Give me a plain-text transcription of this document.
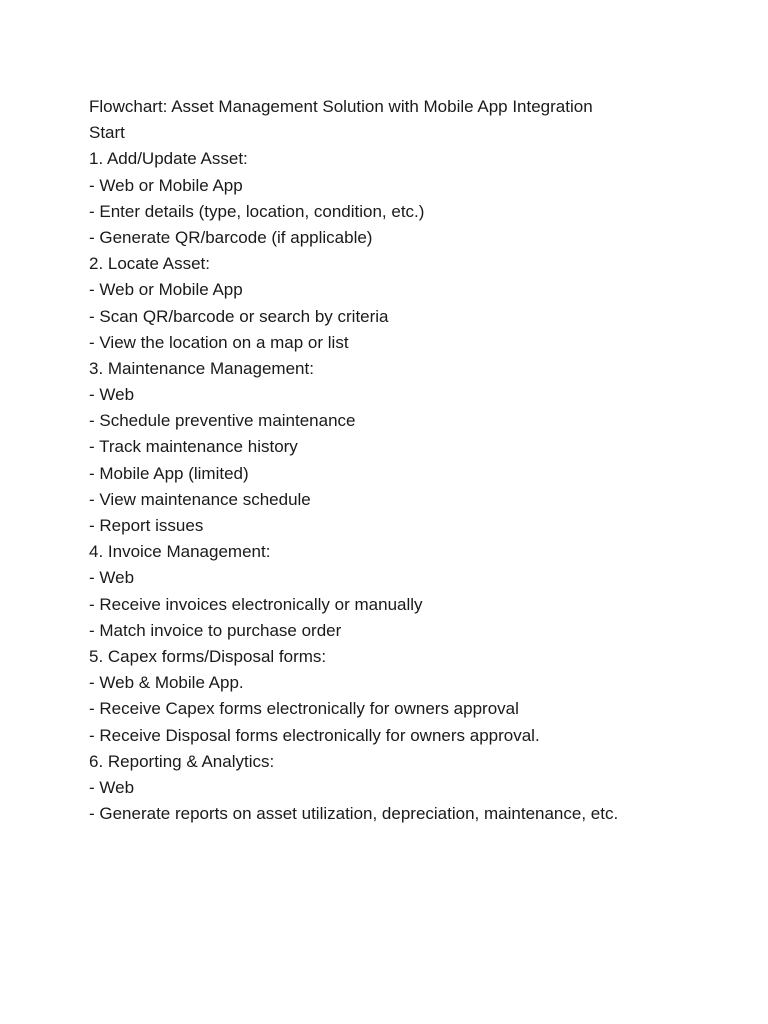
Flowchart: Asset Management Solution with Mobile App Integration
Start
1. Add/Update Asset:
- Web or Mobile App
- Enter details (type, location, condition, etc.)
- Generate QR/barcode (if applicable)
2. Locate Asset:
- Web or Mobile App
- Scan QR/barcode or search by criteria
- View the location on a map or list
3. Maintenance Management:
- Web
- Schedule preventive maintenance
- Track maintenance history
- Mobile App (limited)
- View maintenance schedule
- Report issues
4. Invoice Management:
- Web
- Receive invoices electronically or manually
- Match invoice to purchase order
5. Capex forms/Disposal forms:
- Web & Mobile App.
- Receive Capex forms electronically for owners approval
- Receive Disposal forms electronically for owners approval.
6. Reporting & Analytics:
- Web
- Generate reports on asset utilization, depreciation, maintenance, etc.
